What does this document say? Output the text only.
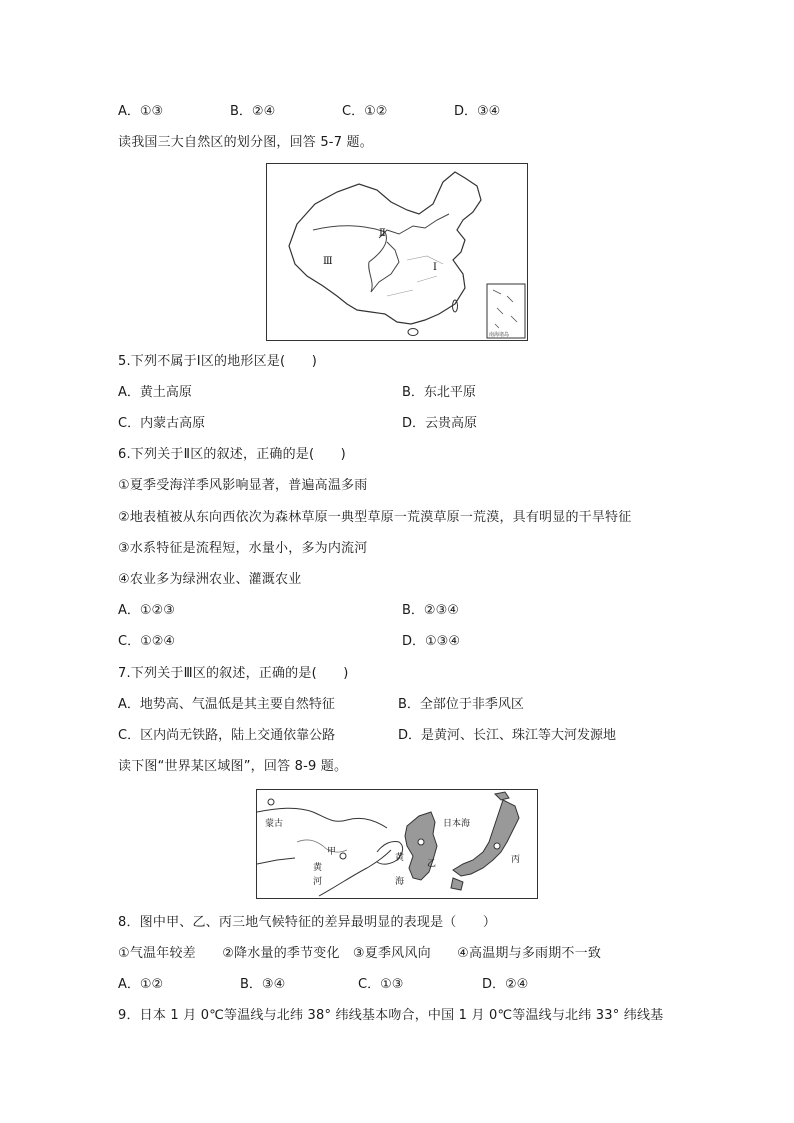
A．①③	B．②④	C．①②	D．③④
读我国三大自然区的划分图，回答 5-7 题。
Ⅱ
Ⅲ
Ⅰ
南海诸岛
5.下列不属于Ⅰ区的地形区是(　　)
A．黄土高原	B．东北平原
C．内蒙古高原	D．云贵高原
6.下列关于Ⅱ区的叙述，正确的是(　　)
①夏季受海洋季风影响显著，普遍高温多雨
②地表植被从东向西依次为森林草原一典型草原一荒漠草原一荒漠，具有明显的干旱特征
③水系特征是流程短，水量小，多为内流河
④农业多为绿洲农业、灌溉农业
A．①②③	B．②③④
C．①②④	D．①③④
7.下列关于Ⅲ区的叙述，正确的是(　　)
A．地势高、气温低是其主要自然特征	B．全部位于非季风区
C．区内尚无铁路，陆上交通依靠公路	D．是黄河、长江、珠江等大河发源地
读下图“世界某区域图”，回答 8-9 题。
蒙古
甲
黄
河
黄
海
乙	丙
日本海
8．图中甲、乙、丙三地气候特征的差异最明显的表现是（　　）
①气温年较差　　②降水量的季节变化　③夏季风风向　　④高温期与多雨期不一致
A．①②	B．③④	C．①③	D．②④
9．日本 1 月 0℃等温线与北纬 38° 纬线基本吻合，中国 1 月 0℃等温线与北纬 33° 纬线基
